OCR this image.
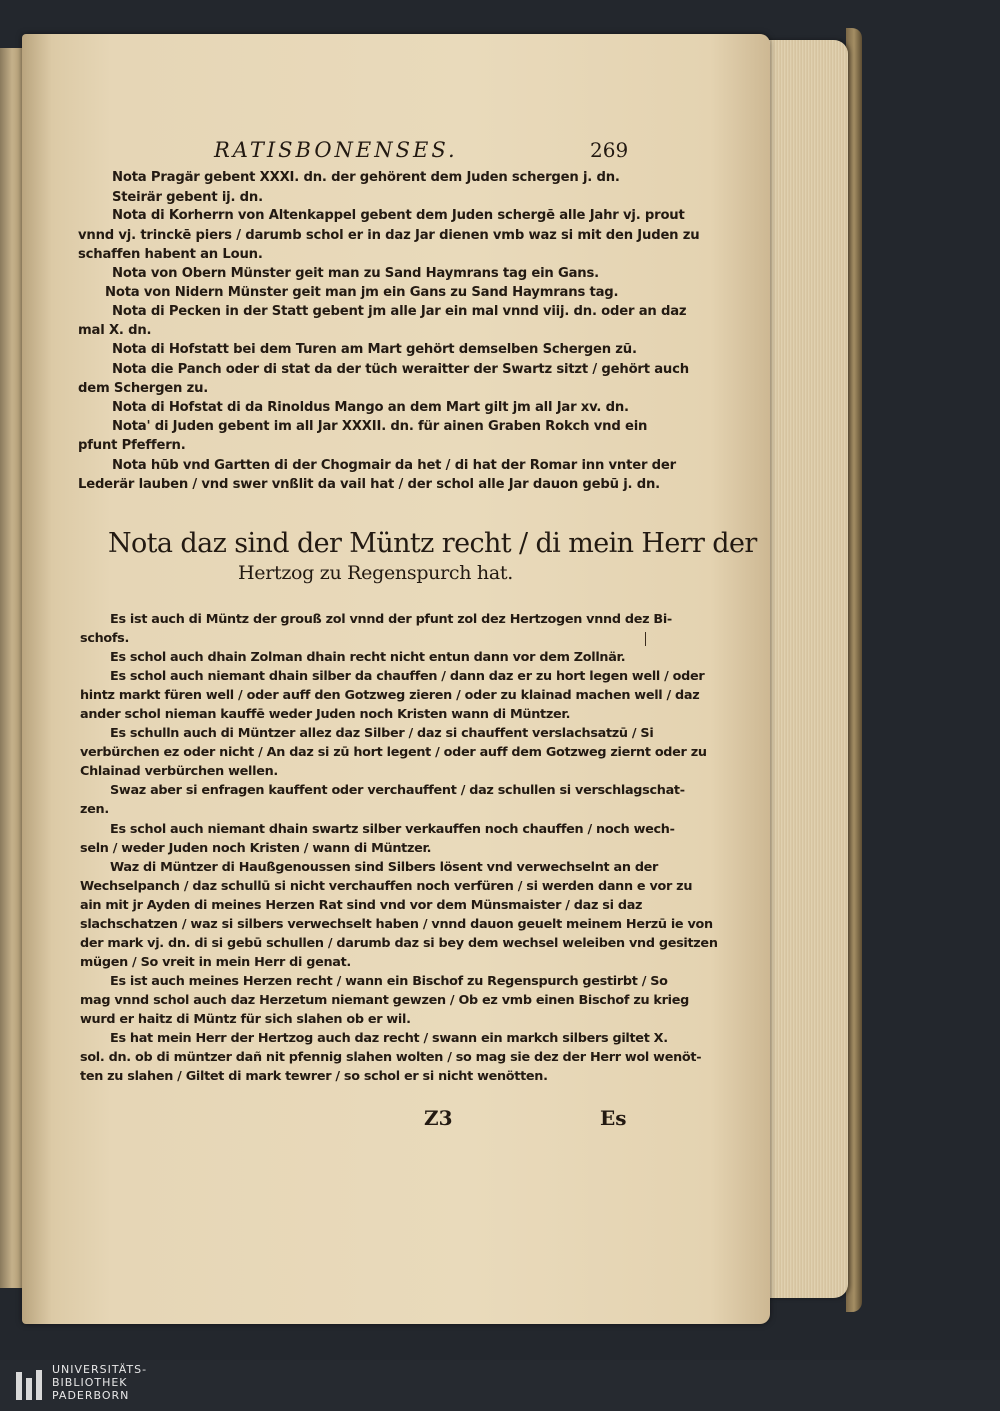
RATISBONENSES.	269
Nota Pragär gebent XXXI. dn. der gehörent dem Juden schergen j. dn.
Steirär gebent ij. dn.
Nota di Korherrn von Altenkappel gebent dem Juden schergē alle Jahr vj. prout
vnnd vj. trinckē piers / darumb schol er in daz Jar dienen vmb waz si mit den Juden zu
schaffen habent an Loun.
Nota von Obern Münster geit man zu Sand Haymrans tag ein Gans.
Nota von Nidern Münster geit man jm ein Gans zu Sand Haymrans tag.
Nota di Pecken in der Statt gebent jm alle Jar ein mal vnnd viij. dn. oder an daz
mal X. dn.
Nota di Hofstatt bei dem Turen am Mart gehört demselben Schergen zū.
Nota die Panch oder di stat da der tüch weraitter der Swartz sitzt / gehört auch
dem Schergen zu.
Nota di Hofstat di da Rinoldus Mango an dem Mart gilt jm all Jar xv. dn.
Nota' di Juden gebent im all Jar XXXII. dn. für ainen Graben Rokch vnd ein
pfunt Pfeffern.
Nota hūb vnd Gartten di der Chogmair da het / di hat der Romar inn vnter der
Lederär lauben / vnd swer vnßlit da vail hat / der schol alle Jar dauon gebū j. dn.
Nota daz sind der Müntz recht / di mein Herr der
Hertzog zu Regenspurch hat.
Es ist auch di Müntz der grouß zol vnnd der pfunt zol dez Hertzogen vnnd dez Bi-
schofs.
Es schol auch dhain Zolman dhain recht nicht entun dann vor dem Zollnär.
Es schol auch niemant dhain silber da chauffen / dann daz er zu hort legen well / oder
hintz markt füren well / oder auff den Gotzweg zieren / oder zu klainad machen well / daz
ander schol nieman kauffē weder Juden noch Kristen wann di Müntzer.
Es schulln auch di Müntzer allez daz Silber / daz si chauffent verslachsatzū / Si
verbürchen ez oder nicht / An daz si zū hort legent / oder auff dem Gotzweg ziernt oder zu
Chlainad verbürchen wellen.
Swaz aber si enfragen kauffent oder verchauffent / daz schullen si verschlagschat-
zen.
Es schol auch niemant dhain swartz silber verkauffen noch chauffen / noch wech-
seln / weder Juden noch Kristen / wann di Müntzer.
Waz di Müntzer di Haußgenoussen sind Silbers lösent vnd verwechselnt an der
Wechselpanch / daz schullū si nicht verchauffen noch verfüren / si werden dann e vor zu
ain mit jr Ayden di meines Herzen Rat sind vnd vor dem Münsmaister / daz si daz
slachschatzen / waz si silbers verwechselt haben / vnnd dauon geuelt meinem Herzū ie von
der mark vj. dn. di si gebū schullen / darumb daz si bey dem wechsel weleiben vnd gesitzen
mügen / So vreit in mein Herr di genat.
Es ist auch meines Herzen recht / wann ein Bischof zu Regenspurch gestirbt / So
mag vnnd schol auch daz Herzetum niemant gewzen / Ob ez vmb einen Bischof zu krieg
wurd er haitz di Müntz für sich slahen ob er wil.
Es hat mein Herr der Hertzog auch daz recht / swann ein markch silbers giltet X.
sol. dn. ob di müntzer dañ nit pfennig slahen wolten / so mag sie dez der Herr wol wenöt-
ten zu slahen / Giltet di mark tewrer / so schol er si nicht wenötten.
Z3	Es
UNIVERSITÄTS-
BIBLIOTHEK
PADERBORN
